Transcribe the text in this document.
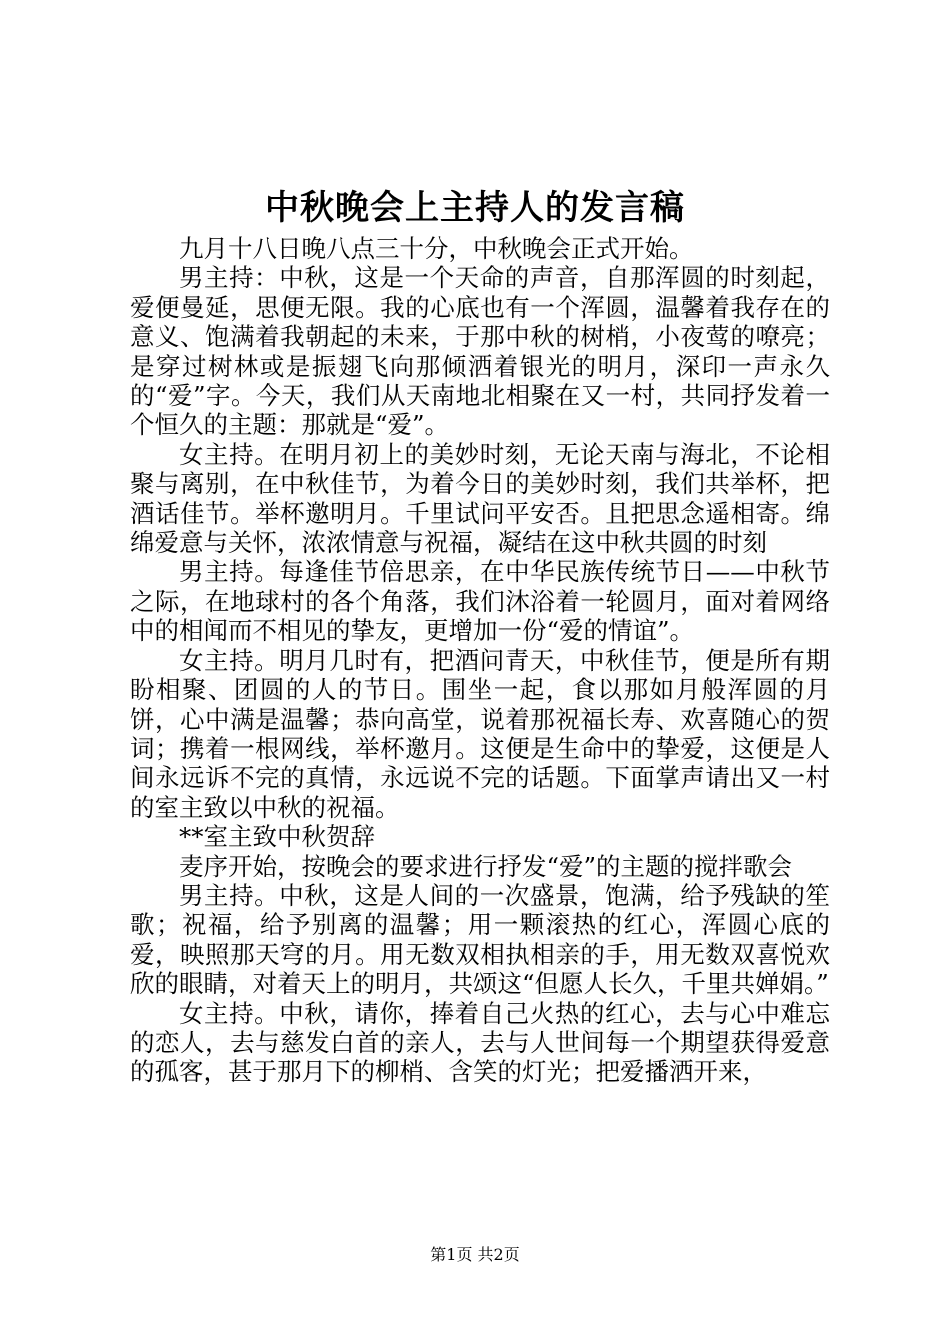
中秋晚会上主持人的发言稿

九月十八日晚八点三十分，中秋晚会正式开始。

男主持：中秋，这是一个天命的声音，自那浑圆的时刻起，爱便曼延，思便无限。我的心底也有一个浑圆，温馨着我存在的意义、饱满着我朝起的未来，于那中秋的树梢，小夜莺的嘹亮；是穿过树林或是振翅飞向那倾洒着银光的明月，深印一声永久的“爱”字。今天，我们从天南地北相聚在又一村，共同抒发着一个恒久的主题：那就是“爱”。

女主持。在明月初上的美妙时刻，无论天南与海北，不论相聚与离别，在中秋佳节，为着今日的美妙时刻，我们共举杯，把酒话佳节。举杯邀明月。千里试问平安否。且把思念遥相寄。绵绵爱意与关怀，浓浓情意与祝福，凝结在这中秋共圆的时刻

男主持。每逢佳节倍思亲，在中华民族传统节日——中秋节之际，在地球村的各个角落，我们沐浴着一轮圆月，面对着网络中的相闻而不相见的挚友，更增加一份“爱的情谊”。

女主持。明月几时有，把酒问青天，中秋佳节，便是所有期盼相聚、团圆的人的节日。围坐一起，食以那如月般浑圆的月饼，心中满是温馨；恭向高堂，说着那祝福长寿、欢喜随心的贺词；携着一根网线，举杯邀月。这便是生命中的挚爱，这便是人间永远诉不完的真情，永远说不完的话题。下面掌声请出又一村的室主致以中秋的祝福。

**室主致中秋贺辞

麦序开始，按晚会的要求进行抒发“爱”的主题的搅拌歌会

男主持。中秋，这是人间的一次盛景，饱满，给予残缺的笙歌；祝福，给予别离的温馨；用一颗滚热的红心，浑圆心底的爱，映照那天穹的月。用无数双相执相亲的手，用无数双喜悦欢欣的眼睛，对着天上的明月，共颂这“但愿人长久，千里共婵娟。”

女主持。中秋，请你，捧着自己火热的红心，去与心中难忘的恋人，去与慈发白首的亲人，去与人世间每一个期望获得爱意的孤客，甚于那月下的柳梢、含笑的灯光；把爱播洒开来，

第1页 共2页
